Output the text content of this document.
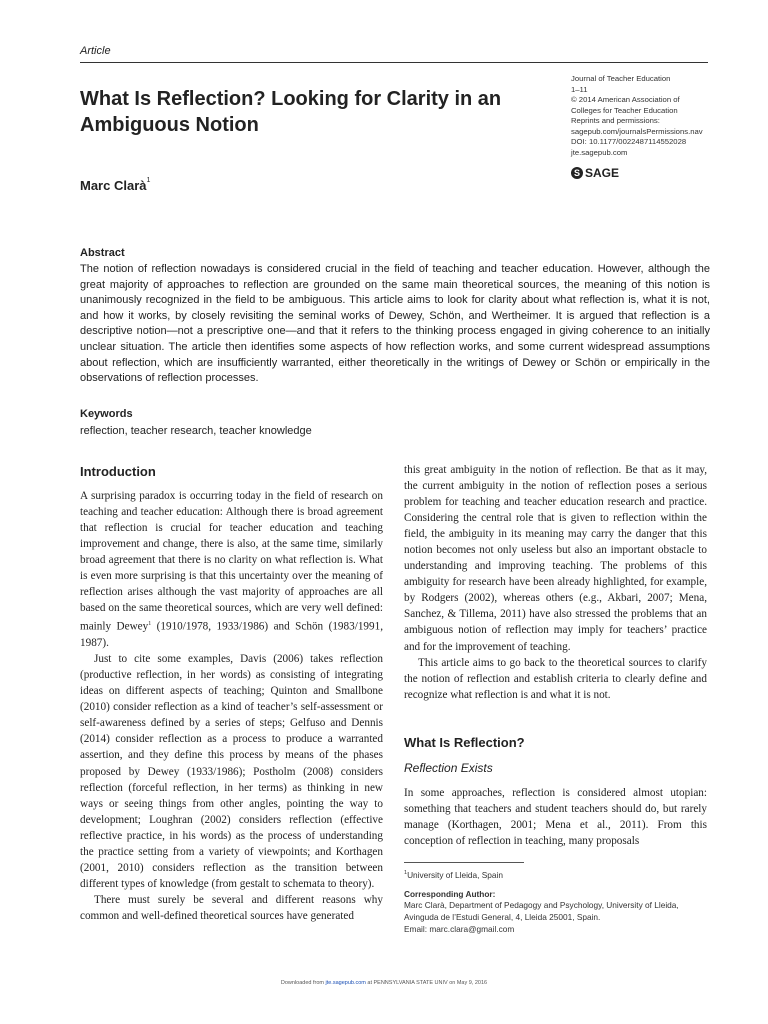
Article
What Is Reflection? Looking for Clarity in an Ambiguous Notion
Journal of Teacher Education
1–11
© 2014 American Association of
Colleges for Teacher Education
Reprints and permissions:
sagepub.com/journalsPermissions.nav
DOI: 10.1177/0022487114552028
jte.sagepub.com
S SAGE
Marc Clarà$^1$
Abstract
The notion of reflection nowadays is considered crucial in the field of teaching and teacher education. However, although the great majority of approaches to reflection are grounded on the same main theoretical sources, the meaning of this notion is unanimously recognized in the field to be ambiguous. This article aims to look for clarity about what reflection is, what it is not, and how it works, by closely revisiting the seminal works of Dewey, Schön, and Wertheimer. It is argued that reflection is a descriptive notion—not a prescriptive one—and that it refers to the thinking process engaged in giving coherence to an initially unclear situation. The article then identifies some aspects of how reflection works, and some current widespread assumptions about reflection, which are insufficiently warranted, either theoretically in the writings of Dewey or Schön or empirically in the observations of reflection processes.
Keywords
reflection, teacher research, teacher knowledge
Introduction

A surprising paradox is occurring today in the field of research on teaching and teacher education: Although there is broad agreement that reflection is crucial for teacher education and teaching improvement and change, there is also, at the same time, similarly broad agreement that there is no clarity on what reflection is. What is even more surprising is that this uncertainty over the meaning of reflection arises although the vast majority of approaches are all based on the same theoretical sources, which are very well defined: mainly Dewey$^1$ (1910/1978, 1933/1986) and Schön (1983/1991, 1987).

Just to cite some examples, Davis (2006) takes reflection (productive reflection, in her words) as consisting of integrating ideas on different aspects of teaching; Quinton and Smallbone (2010) consider reflection as a kind of teacher’s self-assessment or self-awareness defined by a series of steps; Gelfuso and Dennis (2014) consider reflection as a process to produce a warranted assertion, and they define this process by means of the phases proposed by Dewey (1933/1986); Postholm (2008) considers reflection (forceful reflection, in her terms) as thinking in new ways or seeing things from other angles, pointing the way to development; Loughran (2002) considers reflection (effective reflective practice, in his words) as the process of understanding the practice setting from a variety of viewpoints; and Korthagen (2001, 2010) considers reflection as the transition between different types of knowledge (from gestalt to schemata to theory).

There must surely be several and different reasons why common and well-defined theoretical sources have generated

this great ambiguity in the notion of reflection. Be that as it may, the current ambiguity in the notion of reflection poses a serious problem for teaching and teacher education research and practice. Considering the central role that is given to reflection within the field, the ambiguity in its meaning may carry the danger that this notion becomes not only useless but also an important obstacle to understanding and improving teaching. The problems of this ambiguity for research have been already highlighted, for example, by Rodgers (2002), whereas others (e.g., Akbari, 2007; Mena, Sanchez, & Tillema, 2011) have also stressed the problems that an ambiguous notion of reflection may imply for teachers’ practice and for the improvement of teaching.

This article aims to go back to the theoretical sources to clarify the notion of reflection and establish criteria to clearly define and recognize what reflection is and what it is not.

What Is Reflection?
Reflection Exists

In some approaches, reflection is considered almost utopian: something that teachers and student teachers should do, but rarely manage (Korthagen, 2001; Mena et al., 2011). From this conception of reflection in teaching, many proposals

$^1$University of Lleida, Spain
Corresponding Author:
Marc Clarà, Department of Pedagogy and Psychology, University of Lleida,
Avinguda de l’Estudi General, 4, Lleida 25001, Spain.
Email: marc.clara@gmail.com
Downloaded from jte.sagepub.com at PENNSYLVANIA STATE UNIV on May 9, 2016
